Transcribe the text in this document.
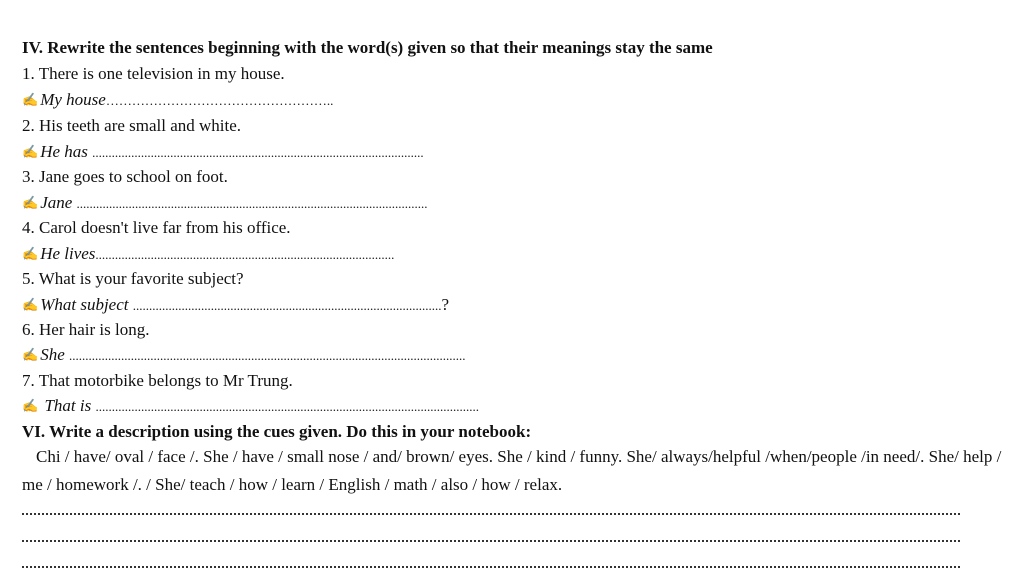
IV. Rewrite the sentences beginning with the word(s) given so that their meanings stay the same
1. There is one television in my house.
✍ My house……………………………………………..
2. His teeth are small and white.
✍ He has ......................................................................................................
3. Jane goes to school on foot.
✍ Jane ............................................................................................................
4. Carol doesn't live far from his office.
✍ He lives............................................................................................
5. What is your favorite subject?
✍ What subject ...............................................................................................?
6. Her hair is long.
✍ She ..........................................................................................................................
7. That motorbike belongs to Mr Trung.
✍ That is ......................................................................................................................
VI. Write a description using the cues given. Do this in your notebook:
Chi / have/ oval / face /. She / have / small nose / and/ brown/ eyes. She / kind / funny. She/ always/helpful /when/people /in need/. She/ help / me / homework /. / She/ teach / how / learn / English / math / also / how / relax.
